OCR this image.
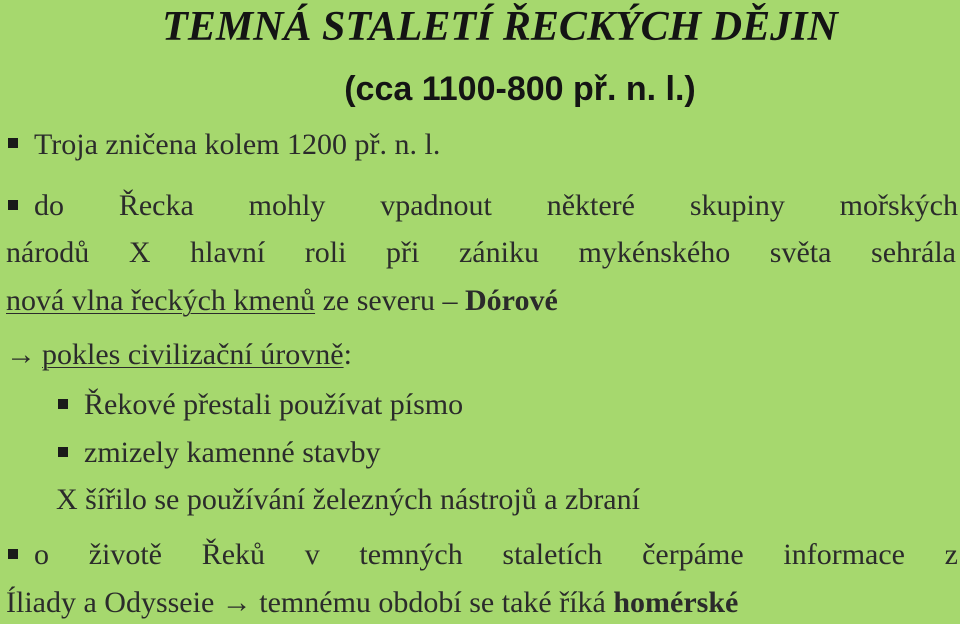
TEMNÁ STALETÍ ŘECKÝCH DĚJIN
(cca 1100-800 př. n. l.)
Troja zničena kolem 1200 př. n. l.
do Řecka mohly vpadnout některé skupiny mořských
národů X hlavní roli při zániku mykénského světa sehrála
nová vlna řeckých kmenů ze severu – Dórové
→ pokles civilizační úrovně:
Řekové přestali používat písmo
zmizely kamenné stavby
X šířilo se používání železných nástrojů a zbraní
o životě Řeků v temných staletích čerpáme informace z
Íliady a Odysseie → temnému období se také říká homérské
